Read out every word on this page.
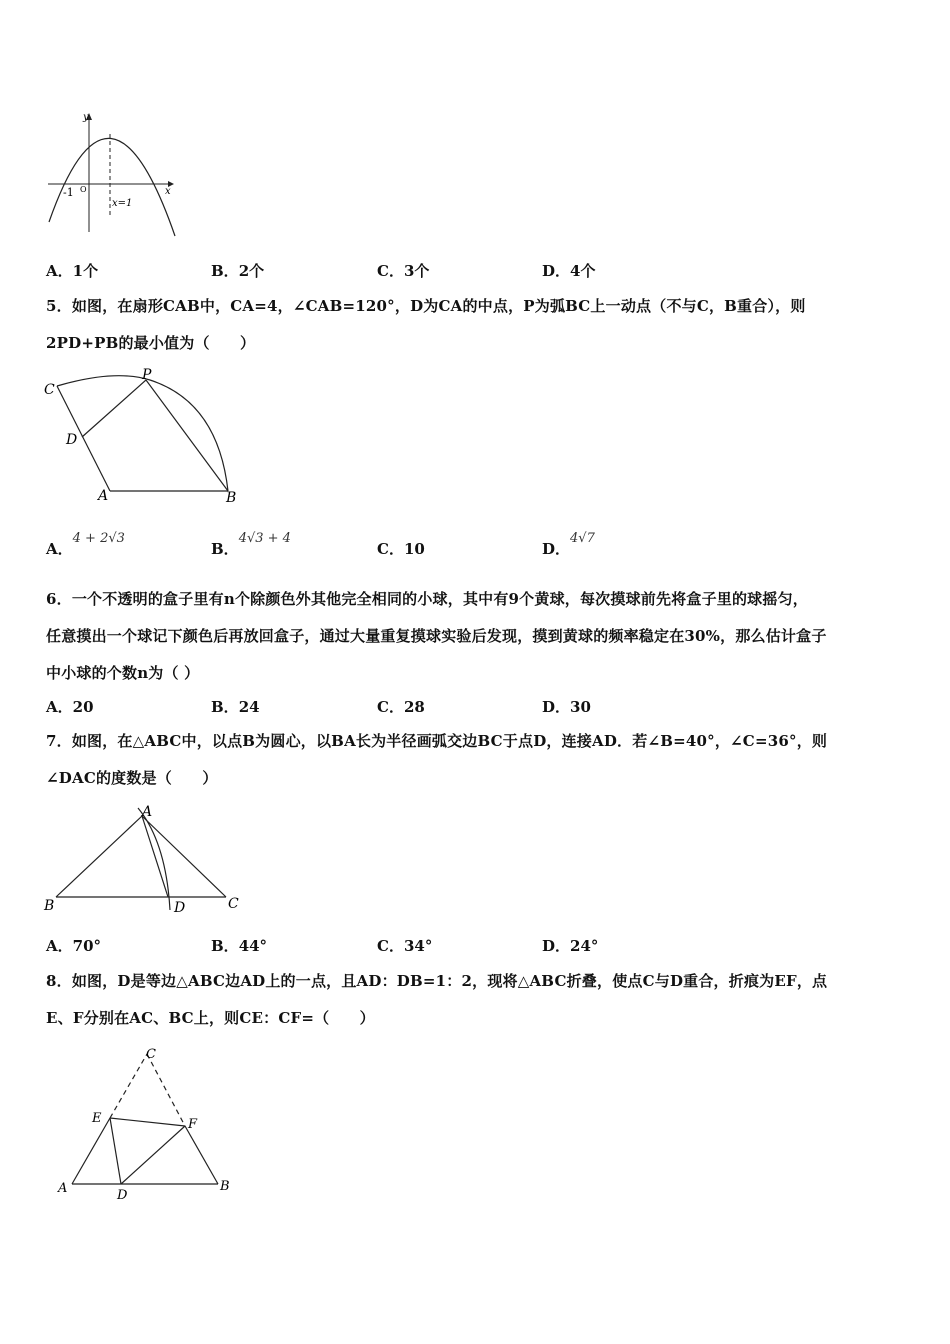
y
x
-1 O
x=1
A．1个	B．2个	C．3个	D．4个
5．如图，在扇形CAB中，CA=4，∠CAB=120°，D为CA的中点，P为弧BC上一动点（不与C，B重合），则
2PD+PB的最小值为（　　）
C
P
D
A	B
A．4 + 2√3
B．4√3 + 4
C．10	D．4√7
6．一个不透明的盒子里有n个除颜色外其他完全相同的小球，其中有9个黄球，每次摸球前先将盒子里的球摇匀，
任意摸出一个球记下颜色后再放回盒子，通过大量重复摸球实验后发现，摸到黄球的频率稳定在30%，那么估计盒子
中小球的个数n为（ ）
A．20	B．24	C．28	D．30
7．如图，在△ABC中，以点B为圆心，以BA长为半径画弧交边BC于点D，连接AD．若∠B=40°，∠C=36°，则
∠DAC的度数是（　　）
A
B	D	C
A．70°	B．44°	C．34°	D．24°
8．如图，D是等边△ABC边AD上的一点，且AD：DB=1：2，现将△ABC折叠，使点C与D重合，折痕为EF，点
E、F分别在AC、BC上，则CE：CF=（　　）
C
E	F
A	D
B
